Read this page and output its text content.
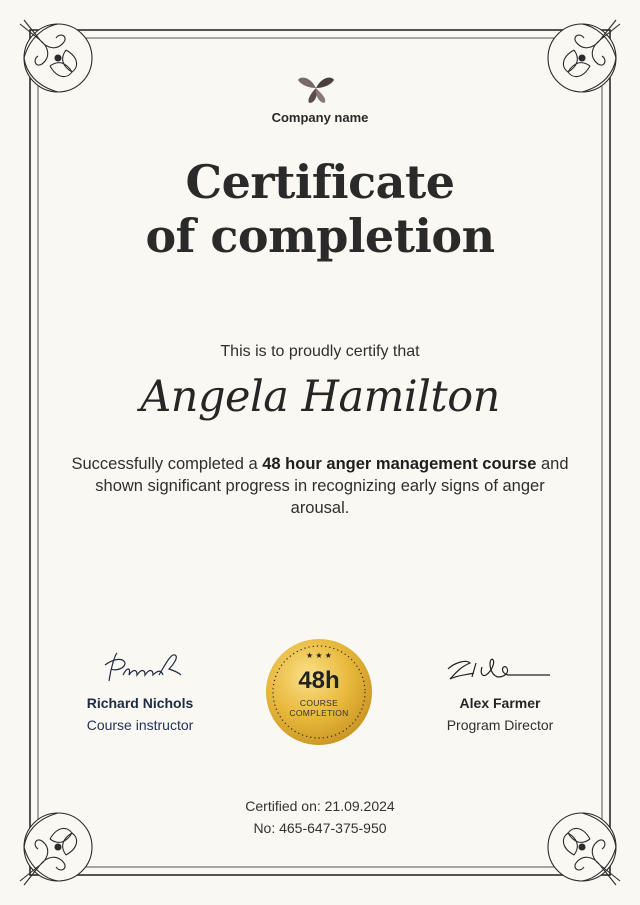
Company name
Certificate
of completion
This is to proudly certify that
Angela Hamilton
Successfully completed a 48 hour anger management course and shown significant progress in recognizing early signs of anger arousal.
Richard Nichols
Course instructor
★ ★ ★
48h
COURSE
COMPLETION
Alex Farmer
Program Director
Certified on: 21.09.2024
No: 465-647-375-950
